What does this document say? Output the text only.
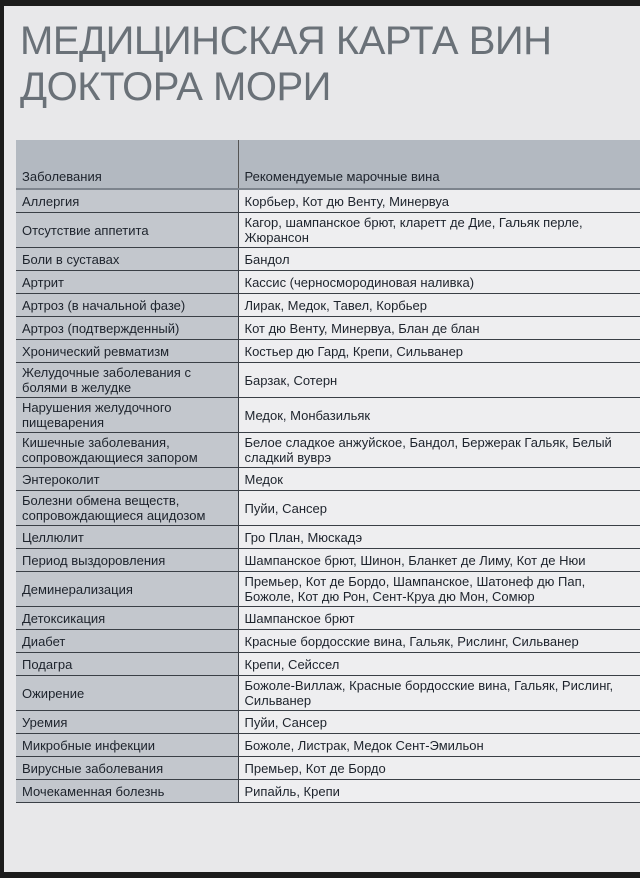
МЕДИЦИНСКАЯ КАРТА ВИН
ДОКТОРА МОРИ
Заболевания	Рекомендуемые марочные вина
Аллергия	Корбьер, Кот дю Венту, Минервуа
Отсутствие аппетита	Кагор, шампанское брют, кларетт де Дие, Гальяк перле, Жюрансон
Боли в суставах	Бандол
Артрит	Кассис (черносмородиновая наливка)
Артроз (в начальной фазе)	Лирак, Медок, Тавел, Корбьер
Артроз (подтвержденный)	Кот дю Венту, Минервуа, Блан де блан
Хронический ревматизм	Костьер дю Гард, Крепи, Сильванер
Желудочные заболевания с болями в желудке	Барзак, Сотерн
Нарушения желудочного пищеварения	Медок, Монбазильяк
Кишечные заболевания, сопровождающиеся запором	Белое сладкое анжуйское, Бандол, Бержерак Гальяк, Белый сладкий вуврэ
Энтероколит	Медок
Болезни обмена веществ, сопровождающиеся ацидозом	Пуйи, Сансер
Целлюлит	Гро План, Мюскадэ
Период выздоровления	Шампанское брют, Шинон, Бланкет де Лиму, Кот де Нюи
Деминерализация	Премьер, Кот де Бордо, Шампанское, Шатонеф дю Пап, Божоле, Кот дю Рон, Сент-Круа дю Мон, Сомюр
Детоксикация	Шампанское брют
Диабет	Красные бордосские вина, Гальяк, Рислинг, Сильванер
Подагра	Крепи, Сейссел
Ожирение	Божоле-Виллаж, Красные бордосские вина, Гальяк, Рислинг, Сильванер
Уремия	Пуйи, Сансер
Микробные инфекции	Божоле, Листрак, Медок Сент-Эмильон
Вирусные заболевания	Премьер, Кот де Бордо
Мочекаменная болезнь	Рипайль, Крепи
